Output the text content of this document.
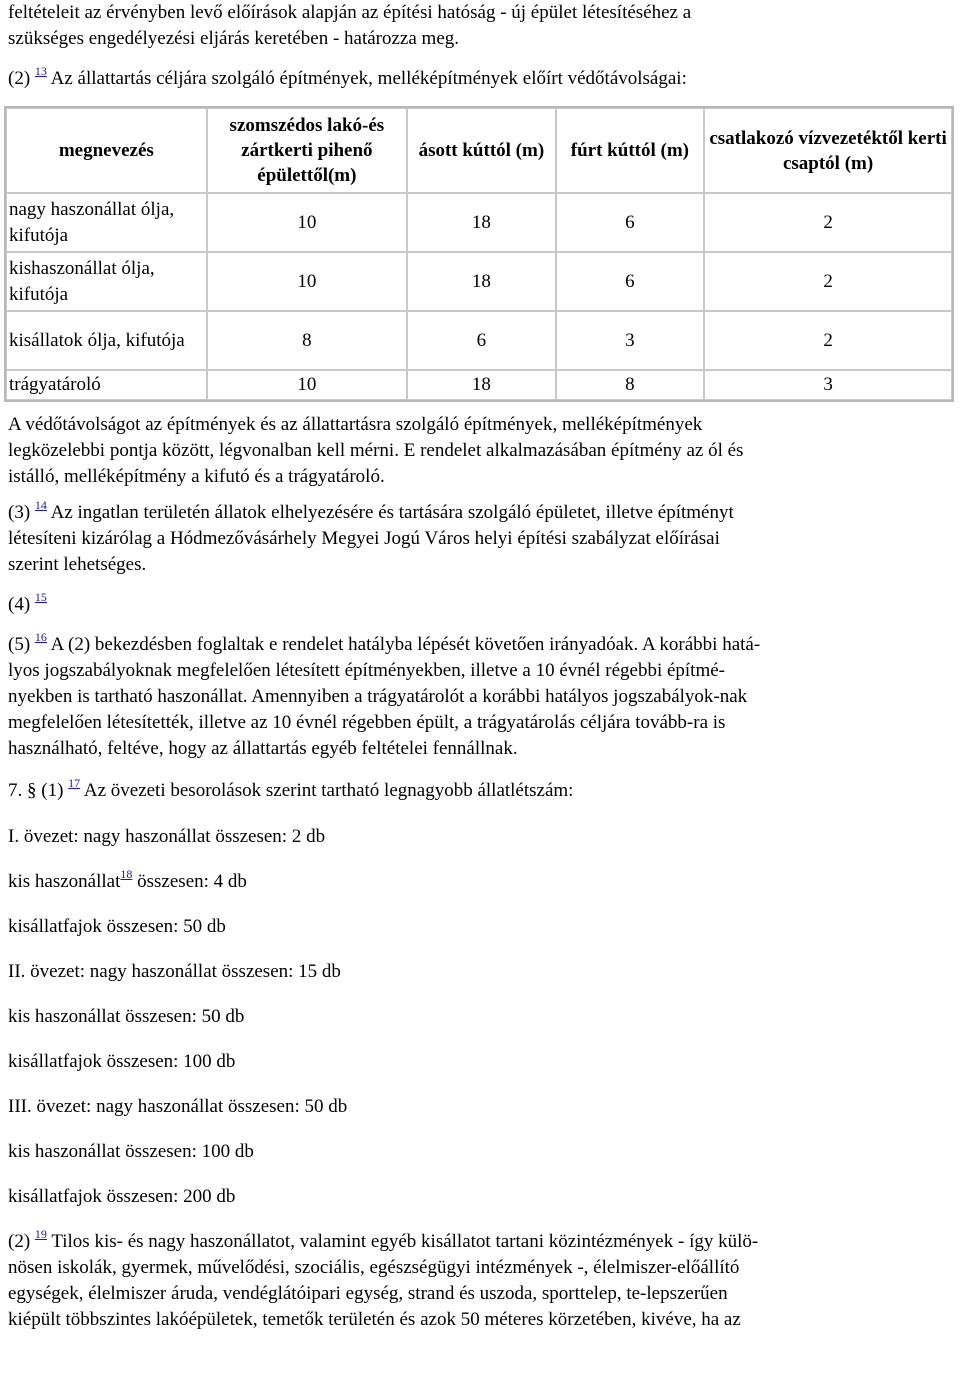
feltételeit az érvényben levő előírások alapján az építési hatóság - új épület létesítéséhez a
szükséges engedélyezési eljárás keretében - határozza meg.

(2) $^{13}$ Az állattartás céljára szolgáló építmények, melléképítmények előírt védőtávolságai:

megnevezés	szomszédos lakó-és zártkerti pihenő épülettől(m)	ásott kúttól (m)	fúrt kúttól (m)	csatlakozó vízvezetéktől kerti csaptól (m)
nagy haszonállat ólja, kifutója	10	18	6	2
kishaszonállat ólja, kifutója	10	18	6	2
kisállatok ólja, kifutója	8	6	3	2
trágyatároló	10	18	8	3

A védőtávolságot az építmények és az állattartásra szolgáló építmények, melléképítmények
legközelebbi pontja között, légvonalban kell mérni. E rendelet alkalmazásában építmény az ól és
istálló, melléképítmény a kifutó és a trágyatároló.

(3) $^{14}$ Az ingatlan területén állatok elhelyezésére és tartására szolgáló épületet, illetve építményt
létesíteni kizárólag a Hódmezővásárhely Megyei Jogú Város helyi építési szabályzat előírásai
szerint lehetséges.

(4) $^{15}$

(5) $^{16}$ A (2) bekezdésben foglaltak e rendelet hatályba lépését követően irányadóak. A korábbi hatá-
lyos jogszabályoknak megfelelően létesített építményekben, illetve a 10 évnél régebbi építmé-
nyekben is tartható haszonállat. Amennyiben a trágyatárolót a korábbi hatályos jogszabályok-nak
megfelelően létesítették, illetve az 10 évnél régebben épült, a trágyatárolás céljára tovább-ra is
használható, feltéve, hogy az állattartás egyéb feltételei fennállnak.

7. § (1) $^{17}$ Az övezeti besorolások szerint tartható legnagyobb állatlétszám:

I. övezet: nagy haszonállat összesen: 2 db

kis haszonállat$^{18}$ összesen: 4 db

kisállatfajok összesen: 50 db

II. övezet: nagy haszonállat összesen: 15 db

kis haszonállat összesen: 50 db

kisállatfajok összesen: 100 db

III. övezet: nagy haszonállat összesen: 50 db

kis haszonállat összesen: 100 db

kisállatfajok összesen: 200 db

(2) $^{19}$ Tilos kis- és nagy haszonállatot, valamint egyéb kisállatot tartani közintézmények - így külö-
nösen iskolák, gyermek, művelődési, szociális, egészségügyi intézmények -, élelmiszer-előállító
egységek, élelmiszer áruda, vendéglátóipari egység, strand és uszoda, sporttelep, te-lepszerűen
kiépült többszintes lakóépületek, temetők területén és azok 50 méteres körzetében, kivéve, ha az
